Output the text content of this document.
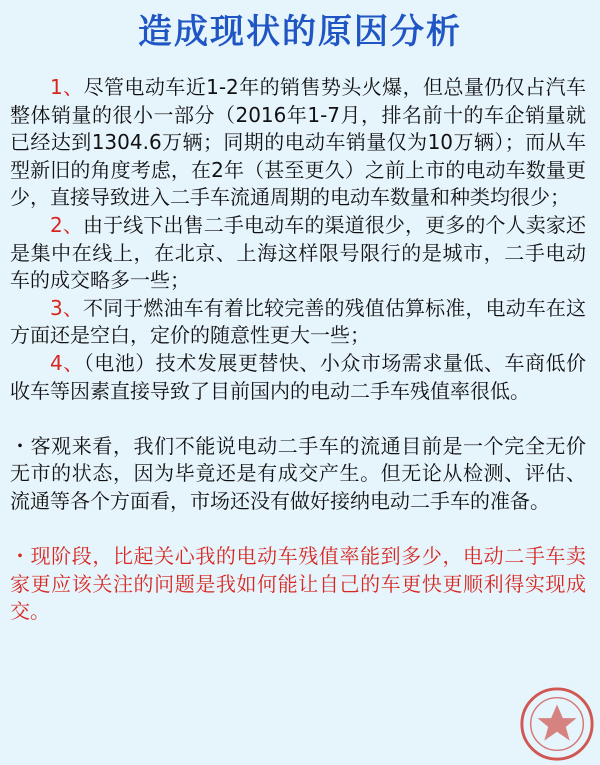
造成现状的原因分析

1、尽管电动车近1-2年的销售势头火爆，但总量仍仅占汽车整体销量的很小一部分（2016年1-7月，排名前十的车企销量就已经达到1304.6万辆；同期的电动车销量仅为10万辆）；而从车型新旧的角度考虑，在2年（甚至更久）之前上市的电动车数量更少，直接导致进入二手车流通周期的电动车数量和种类均很少；

2、由于线下出售二手电动车的渠道很少，更多的个人卖家还是集中在线上，在北京、上海这样限号限行的是城市，二手电动车的成交略多一些；

3、不同于燃油车有着比较完善的残值估算标准，电动车在这方面还是空白，定价的随意性更大一些；

4、（电池）技术发展更替快、小众市场需求量低、车商低价收车等因素直接导致了目前国内的电动二手车残值率很低。

・客观来看，我们不能说电动二手车的流通目前是一个完全无价无市的状态，因为毕竟还是有成交产生。但无论从检测、评估、流通等各个方面看，市场还没有做好接纳电动二手车的准备。

・现阶段，比起关心我的电动车残值率能到多少，电动二手车卖家更应该关注的问题是我如何能让自己的车更快更顺利得实现成交。
